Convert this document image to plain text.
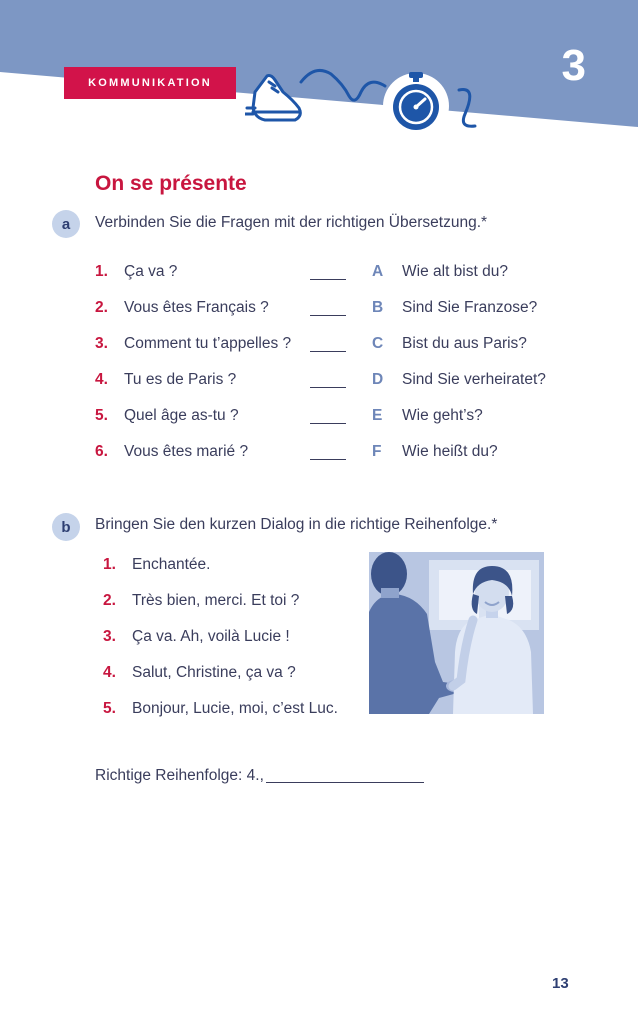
3
KOMMUNIKATION
On se présente
a	Verbinden Sie die Fragen mit der richtigen Übersetzung.*
1. Ça va ?	A Wie alt bist du?
2. Vous êtes Français ?	B Sind Sie Franzose?
3. Comment tu t’appelles ?	C Bist du aus Paris?
4. Tu es de Paris ?	D Sind Sie verheiratet?
5. Quel âge as-tu ?	E Wie geht’s?
6. Vous êtes marié ?	F Wie heißt du?
b	Bringen Sie den kurzen Dialog in die richtige Reihenfolge.*
1. Enchantée.
2. Très bien, merci. Et toi ?
3. Ça va. Ah, voilà Lucie !
4. Salut, Christine, ça va ?
5. Bonjour, Lucie, moi, c’est Luc.
Richtige Reihenfolge: 4.,
13
